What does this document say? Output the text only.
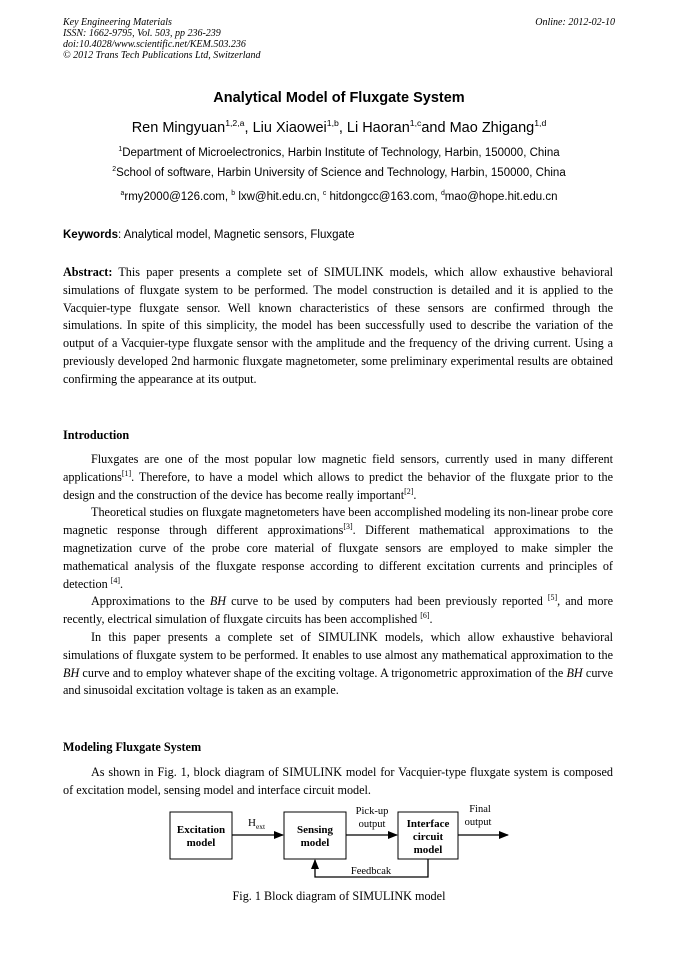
Key Engineering Materials
ISSN: 1662-9795, Vol. 503, pp 236-239
doi:10.4028/www.scientific.net/KEM.503.236
© 2012 Trans Tech Publications Ltd, Switzerland
Online: 2012-02-10
Analytical Model of Fluxgate System
Ren Mingyuan$^{1,2,a}$, Liu Xiaowei$^{1,b}$, Li Haoran$^{1,c}$and Mao Zhigang$^{1,d}$
$^1$Department of Microelectronics, Harbin Institute of Technology, Harbin, 150000, China
$^2$School of software, Harbin University of Science and Technology, Harbin, 150000, China
$^a$rmy2000@126.com, $^b$ lxw@hit.edu.cn, $^c$ hitdongcc@163.com, $^d$mao@hope.hit.edu.cn
Keywords: Analytical model, Magnetic sensors, Fluxgate
Abstract: This paper presents a complete set of SIMULINK models, which allow exhaustive behavioral simulations of fluxgate system to be performed. The model construction is detailed and it is applied to the Vacquier-type fluxgate sensor. Well known characteristics of these sensors are confirmed through the simulations. In spite of this simplicity, the model has been successfully used to describe the variation of the output of a Vacquier-type fluxgate sensor with the amplitude and the frequency of the driving current. Using a previously developed 2nd harmonic fluxgate magnetometer, some preliminary experimental results are obtained confirming the appearance at its output.
Introduction

Fluxgates are one of the most popular low magnetic field sensors, currently used in many different applications[1]. Therefore, to have a model which allows to predict the behavior of the fluxgate prior to the design and the construction of the device has become really important[2].

Theoretical studies on fluxgate magnetometers have been accomplished modeling its non-linear probe core magnetic response through different approximations[3]. Different mathematical approximations to the magnetization curve of the probe core material of fluxgate sensors are employed to make simpler the mathematical analysis of the fluxgate response according to different excitation currents and principles of detection [4].

Approximations to the BH curve to be used by computers had been previously reported [5], and more recently, electrical simulation of fluxgate circuits has been accomplished [6].

In this paper presents a complete set of SIMULINK models, which allow exhaustive behavioral simulations of fluxgate system to be performed. It enables to use almost any mathematical approximation to the BH curve and to employ whatever shape of the exciting voltage. A trigonometric approximation of the BH curve and sinusoidal excitation voltage is taken as an example.

Modeling Fluxgate System

As shown in Fig. 1, block diagram of SIMULINK model for Vacquier-type fluxgate system is composed of excitation model, sensing model and interface circuit model.

Excitation
model
Sensing
model
Interface
circuit
model
$H_{ext}$
Pick-up
output
Final
output
Feedbcak
Fig. 1 Block diagram of SIMULINK model
